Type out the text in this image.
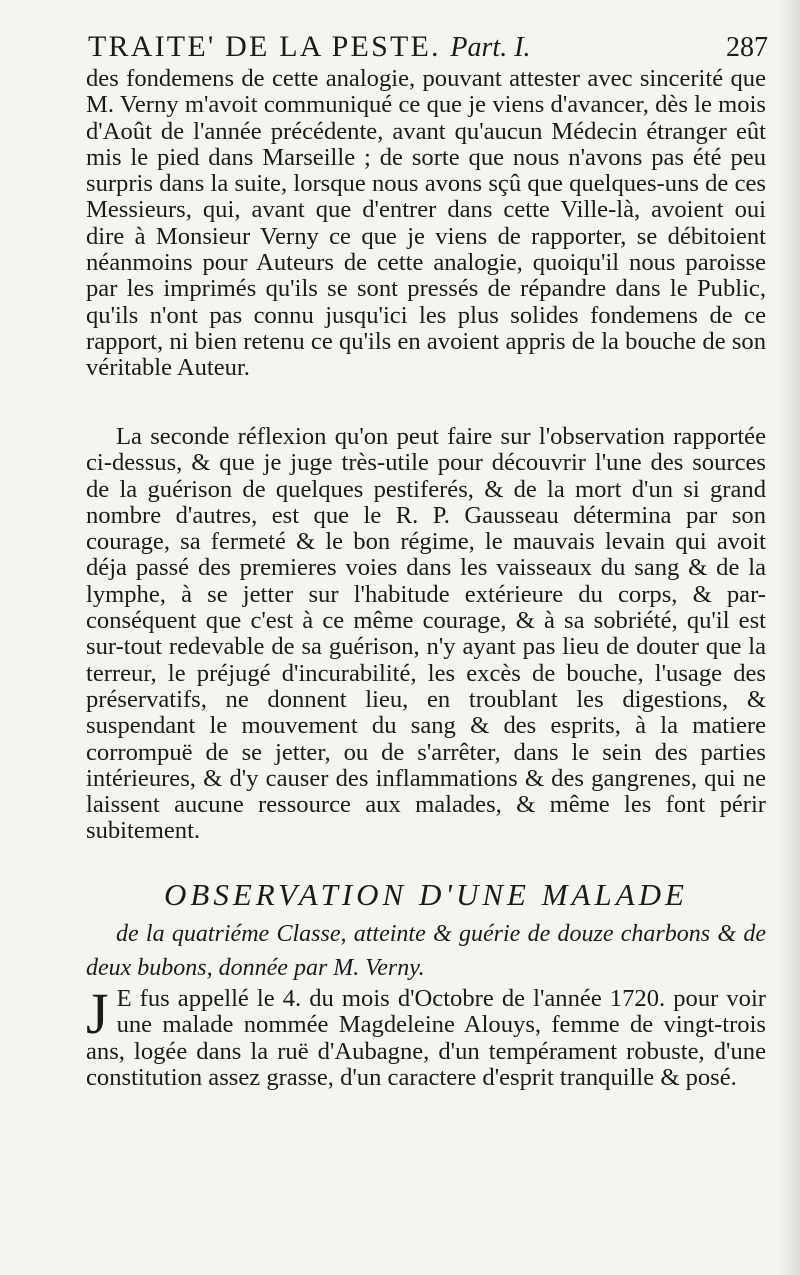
TRAITE' DE LA PESTE. Part. I.	287

des fondemens de cette analogie, pouvant attester avec sincerité que M. Verny m'avoit communiqué ce que je viens d'avancer, dès le mois d'Août de l'année précédente, avant qu'aucun Médecin étranger eût mis le pied dans Marseille ; de sorte que nous n'avons pas été peu surpris dans la suite, lorsque nous avons sçû que quelques-uns de ces Messieurs, qui, avant que d'entrer dans cette Ville-là, avoient oui dire à Monsieur Verny ce que je viens de rapporter, se débitoient néanmoins pour Auteurs de cette analogie, quoiqu'il nous paroisse par les imprimés qu'ils se sont pressés de répandre dans le Public, qu'ils n'ont pas connu jusqu'ici les plus solides fondemens de ce rapport, ni bien retenu ce qu'ils en avoient appris de la bouche de son véritable Auteur.

La seconde réflexion qu'on peut faire sur l'observation rapportée ci-dessus, & que je juge très-utile pour découvrir l'une des sources de la guérison de quelques pestiferés, & de la mort d'un si grand nombre d'autres, est que le R. P. Gausseau détermina par son courage, sa fermeté & le bon régime, le mauvais levain qui avoit déja passé des premieres voies dans les vaisseaux du sang & de la lymphe, à se jetter sur l'habitude extérieure du corps, & par-conséquent que c'est à ce même courage, & à sa sobriété, qu'il est sur-tout redevable de sa guérison, n'y ayant pas lieu de douter que la terreur, le préjugé d'incurabilité, les excès de bouche, l'usage des préservatifs, ne donnent lieu, en troublant les digestions, & suspendant le mouvement du sang & des esprits, à la matiere corrompuë de se jetter, ou de s'arrêter, dans le sein des parties intérieures, & d'y causer des inflammations & des gangrenes, qui ne laissent aucune ressource aux malades, & même les font périr subitement.

OBSERVATION D'UNE MALADE

de la quatriéme Classe, atteinte & guérie de douze charbons & de deux bubons, donnée par M. Verny.

J E fus appellé le 4. du mois d'Octobre de l'année 1720. pour voir une malade nommée Magdeleine Alouys, femme de vingt-trois ans, logée dans la ruë d'Aubagne, d'un tempérament robuste, d'une constitution assez grasse, d'un caractere d'esprit tranquille & posé.
